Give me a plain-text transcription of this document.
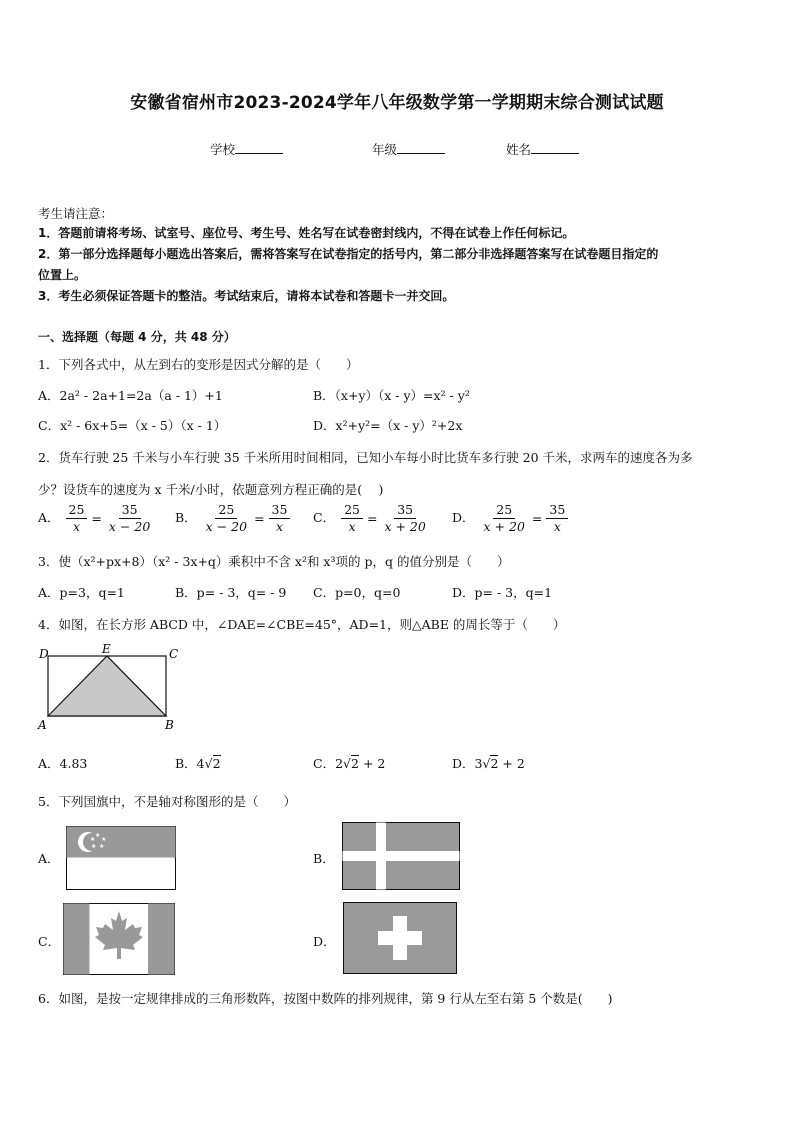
安徽省宿州市2023-2024学年八年级数学第一学期期末综合测试试题
学校	年级	姓名
考生请注意：
1．答题前请将考场、试室号、座位号、考生号、姓名写在试卷密封线内，不得在试卷上作任何标记。
2．第一部分选择题每小题选出答案后，需将答案写在试卷指定的括号内，第二部分非选择题答案写在试卷题目指定的
位置上。
3．考生必须保证答题卡的整洁。考试结束后，请将本试卷和答题卡一并交回。
一、选择题（每题 4 分，共 48 分）
1．下列各式中，从左到右的变形是因式分解的是（　　）
A．2a² - 2a+1=2a（a - 1）+1	B．（x+y）（x - y）=x² - y²
C．x² - 6x+5=（x - 5）（x - 1）	D．x²+y²=（x - y）²+2x
2．货车行驶 25 千米与小车行驶 35 千米所用时间相同，已知小车每小时比货车多行驶 20 千米，求两车的速度各为多
少？设货车的速度为 x 千米/小时，依题意列方程正确的是(　 )
A． $\frac{25}{x} = \frac{35}{x - 20}$ B． $\frac{25}{x - 20} = \frac{35}{x}$ C． $\frac{25}{x} = \frac{35}{x + 20}$ D． $\frac{25}{x + 20} = \frac{35}{x}$
3．使（x²+px+8）（x² - 3x+q）乘积中不含 x²和 x³项的 p，q 的值分别是（　　）
A．p=3，q=1	B．p= - 3，q= - 9 C．p=0，q=0	D．p= - 3，q=1
4．如图，在长方形 ABCD 中，∠DAE=∠CBE=45°，AD=1，则△ABE 的周长等于（　　）
D	E	C
A	B
A．4.83	B．4√2	C．2√2 + 2	D．3√2 + 2
5．下列国旗中，不是轴对称图形的是（　　）
A．
★
★
★
★
★
B．
C．	D．
6．如图，是按一定规律排成的三角形数阵，按图中数阵的排列规律，第 9 行从左至右第 5 个数是(　　)
